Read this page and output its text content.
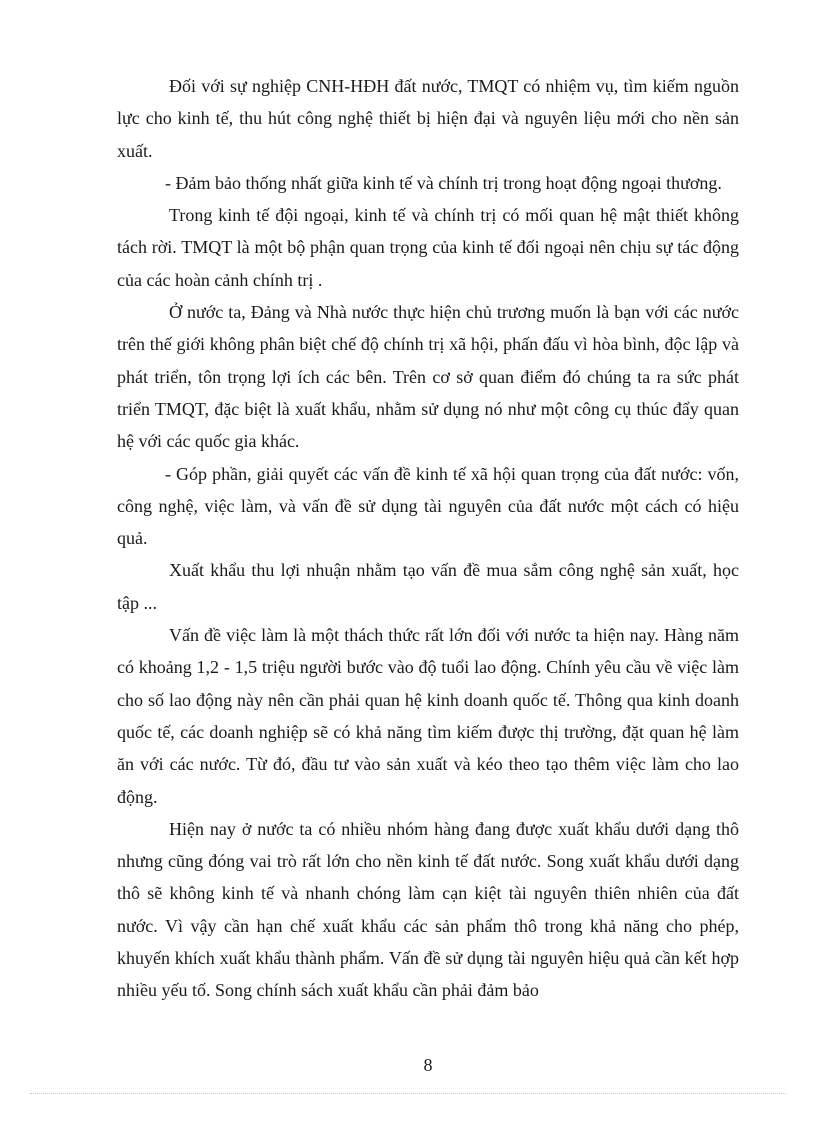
Đối với sự nghiệp CNH-HĐH đất nước, TMQT có nhiệm vụ, tìm kiếm nguồn lực cho kinh tế, thu hút công nghệ thiết bị hiện đại và nguyên liệu mới cho nền sản xuất.

- Đảm bảo thống nhất giữa kinh tế và chính trị trong hoạt động ngoại thương.

Trong kinh tế đội ngoại, kinh tế và chính trị có mối quan hệ mật thiết không tách rời. TMQT là một bộ phận quan trọng của kinh tế đối ngoại nên chịu sự tác động của các hoàn cảnh chính trị .

Ở nước ta, Đảng và Nhà nước thực hiện chủ trương muốn là bạn với các nước trên thế giới không phân biệt chế độ chính trị xã hội, phấn đấu vì hòa bình, độc lập và phát triển, tôn trọng lợi ích các bên. Trên cơ sở quan điểm đó chúng ta ra sức phát triển TMQT, đặc biệt là xuất khẩu, nhằm sử dụng nó như một công cụ thúc đẩy quan hệ với các quốc gia khác.

- Góp phần, giải quyết các vấn đề kinh tế xã hội quan trọng của đất nước: vốn, công nghệ, việc làm, và vấn đề sử dụng tài nguyên của đất nước một cách có hiệu quả.

Xuất khẩu thu lợi nhuận nhằm tạo vấn đề mua sắm công nghệ sản xuất, học tập ...

Vấn đề việc làm là một thách thức rất lớn đối với nước ta hiện nay. Hàng năm có khoảng 1,2 - 1,5 triệu người bước vào độ tuổi lao động. Chính yêu cầu về việc làm cho số lao động này nên cần phải quan hệ kinh doanh quốc tế. Thông qua kinh doanh quốc tế, các doanh nghiệp sẽ có khả năng tìm kiếm được thị trường, đặt quan hệ làm ăn với các nước. Từ đó, đầu tư vào sản xuất và kéo theo tạo thêm việc làm cho lao động.

Hiện nay ở nước ta có nhiều nhóm hàng đang được xuất khẩu dưới dạng thô nhưng cũng đóng vai trò rất lớn cho nền kinh tế đất nước. Song xuất khẩu dưới dạng thô sẽ không kinh tế và nhanh chóng làm cạn kiệt tài nguyên thiên nhiên của đất nước. Vì vậy cần hạn chế xuất khẩu các sản phẩm thô trong khả năng cho phép, khuyến khích xuất khẩu thành phẩm. Vấn đề sử dụng tài nguyên hiệu quả cần kết hợp nhiều yếu tố. Song chính sách xuất khẩu cần phải đảm bảo

8
